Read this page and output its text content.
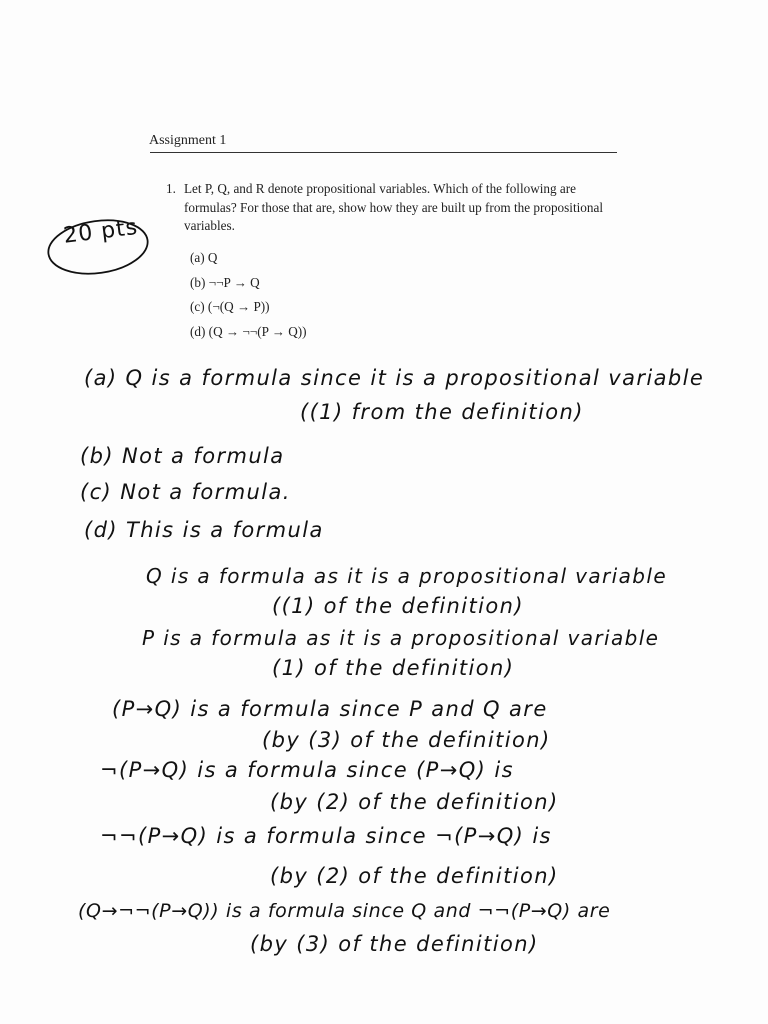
Assignment 1
20 pts
1. Let P, Q, and R denote propositional variables. Which of the following are formulas? For those that are, show how they are built up from the propositional variables.
(a) Q
(b) ¬¬P → Q
(c) (¬(Q → P))
(d) (Q → ¬¬(P → Q))
(a) Q is a formula since it is a propositional variable
((1) from the definition)
(b) Not a formula
(c) Not a formula.
(d) This is a formula
Q is a formula as it is a propositional variable
((1) of the definition)
P is a formula as it is a propositional variable
(1) of the definition)
(P→Q) is a formula since P and Q are
(by (3) of the definition)
¬(P→Q) is a formula since (P→Q) is
(by (2) of the definition)
¬¬(P→Q) is a formula since ¬(P→Q) is
(by (2) of the definition)
(Q→¬¬(P→Q)) is a formula since Q and ¬¬(P→Q) are
(by (3) of the definition)
